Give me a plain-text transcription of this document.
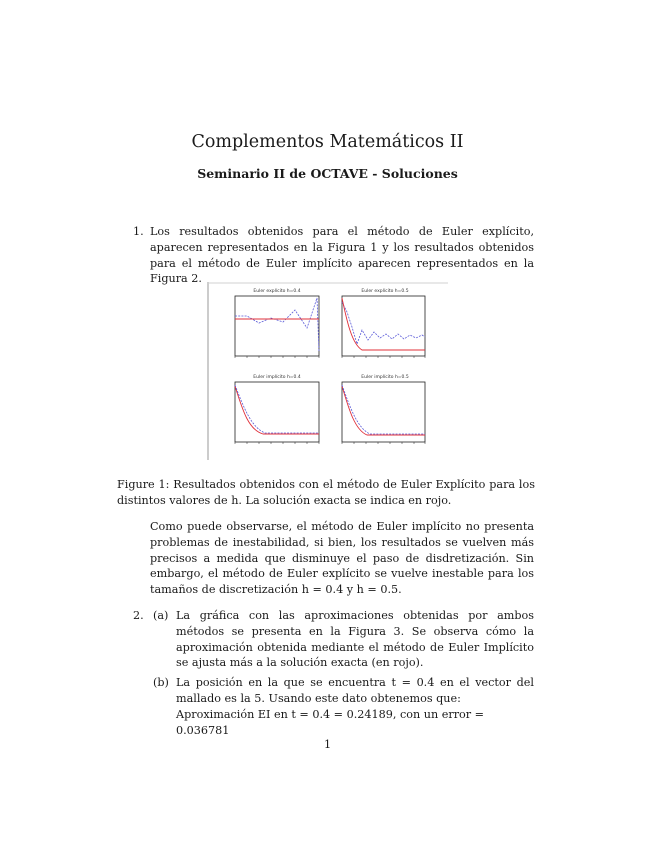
Complementos Matemáticos II
Seminario II de OCTAVE - Soluciones
1. Los resultados obtenidos para el método de Euler explícito, aparecen representados en la Figura 1 y los resultados obtenidos para el método de Euler implícito aparecen representados en la Figura 2.
Euler explícito h=0.4	Euler explícito h=0.5
Euler implícito h=0.4	Euler implícito h=0.5
Figure 1: Resultados obtenidos con el método de Euler Explícito para los distintos valores de h. La solución exacta se indica en rojo.
Como puede observarse, el método de Euler implícito no presenta problemas de inestabilidad, si bien, los resultados se vuelven más precisos a medida que disminuye el paso de disdretización. Sin embargo, el método de Euler explícito se vuelve inestable para los tamaños de discretización h = 0.4 y h = 0.5.
2. (a) La gráfica con las aproximaciones obtenidas por ambos métodos se presenta en la Figura 3. Se observa cómo la aproximación obtenida mediante el método de Euler Implícito se ajusta más a la solución exacta (en rojo).
(b) La posición en la que se encuentra t = 0.4 en el vector del mallado es la 5. Usando este dato obtenemos que:
Aproximación EI en t = 0.4 = 0.24189, con un error = 0.036781
1
